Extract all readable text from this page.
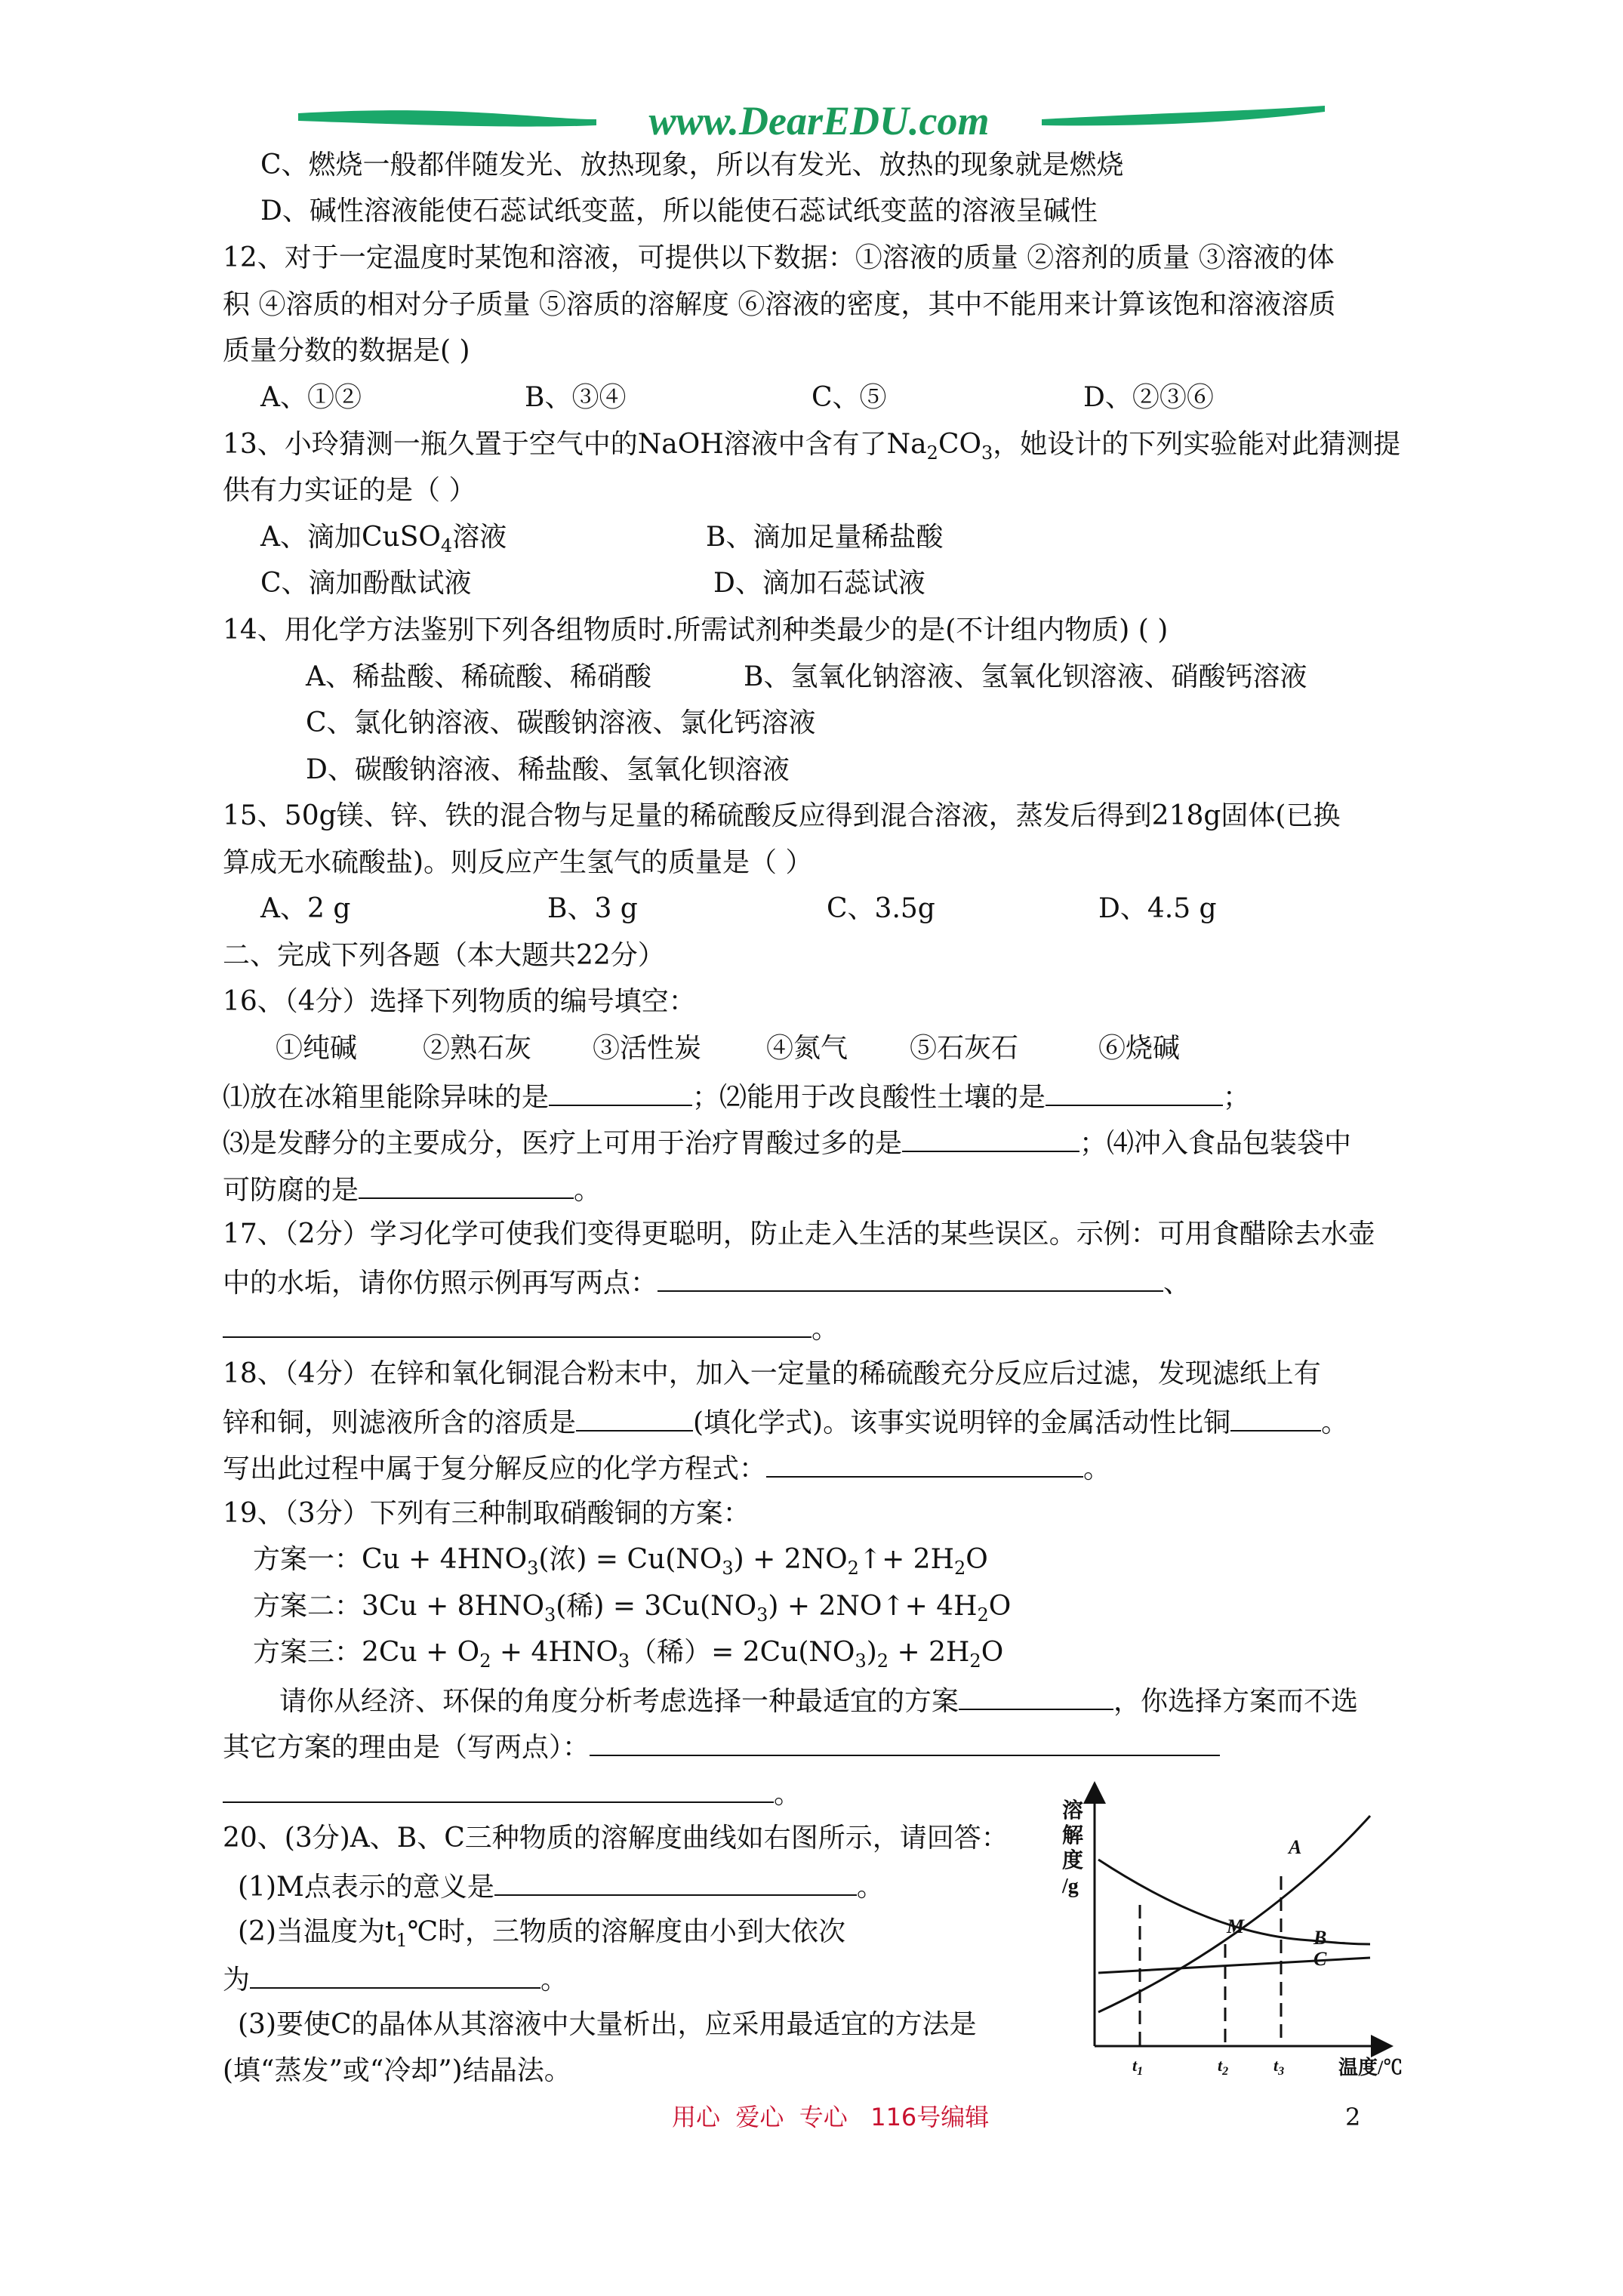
www.DearEDU.com
C、燃烧一般都伴随发光、放热现象，所以有发光、放热的现象就是燃烧
D、碱性溶液能使石蕊试纸变蓝，所以能使石蕊试纸变蓝的溶液呈碱性
12、对于一定温度时某饱和溶液，可提供以下数据：①溶液的质量 ②溶剂的质量 ③溶液的体
积 ④溶质的相对分子质量 ⑤溶质的溶解度 ⑥溶液的密度，其中不能用来计算该饱和溶液溶质
质量分数的数据是( )
A、①②	B、③④	C、⑤	D、②③⑥
13、小玲猜测一瓶久置于空气中的NaOH溶液中含有了$Na_2CO_3$，她设计的下列实验能对此猜测提
供有力实证的是（ ）
A、滴加CuSO$_4$溶液	B、滴加足量稀盐酸
C、滴加酚酞试液	D、滴加石蕊试液
14、用化学方法鉴别下列各组物质时.所需试剂种类最少的是(不计组内物质) ( )
A、稀盐酸、稀硫酸、稀硝酸	B、氢氧化钠溶液、氢氧化钡溶液、硝酸钙溶液
C、氯化钠溶液、碳酸钠溶液、氯化钙溶液
D、碳酸钠溶液、稀盐酸、氢氧化钡溶液
15、50g镁、锌、铁的混合物与足量的稀硫酸反应得到混合溶液，蒸发后得到218g固体(已换
算成无水硫酸盐)。则反应产生氢气的质量是（ ）
A、2 g	B、3 g	C、3.5g	D、4.5 g
二、完成下列各题（本大题共22分）
16、（4分）选择下列物质的编号填空：
①纯碱 ②熟石灰 ③活性炭 ④氮气 ⑤石灰石	⑥烧碱
⑴放在冰箱里能除异味的是	；⑵能用于改良酸性土壤的是	；
⑶是发酵分的主要成分，医疗上可用于治疗胃酸过多的是	；⑷冲入食品包装袋中
可防腐的是	。
17、（2分）学习化学可使我们变得更聪明，防止走入生活的某些误区。示例：可用食醋除去水壶
中的水垢，请你仿照示例再写两点：	、
。
18、（4分）在锌和氧化铜混合粉末中，加入一定量的稀硫酸充分反应后过滤，发现滤纸上有
锌和铜，则滤液所含的溶质是	(填化学式)。该事实说明锌的金属活动性比铜	。
写出此过程中属于复分解反应的化学方程式：	。
19、（3分）下列有三种制取硝酸铜的方案：
方案一：$Cu + 4HNO_3$(浓) = $Cu(NO_3)$ + $2NO_2↑+ 2H_2O$
方案二：$3Cu + 8HNO_3$(稀) = $3Cu(NO_3)$ + 2NO↑+ $4H_2O$
方案三：$2Cu + O_2 + 4HNO_3$（稀）= $2Cu(NO_3)_2 + 2H_2O$
请你从经济、环保的角度分析考虑选择一种最适宜的方案	，你选择方案而不选
其它方案的理由是（写两点）：
。
20、(3分)A、B、C三种物质的溶解度曲线如右图所示，请回答：
(1)M点表示的意义是	。
(2)当温度为$t_1℃$时，三物质的溶解度由小到大依次
为	。
(3)要使C的晶体从其溶液中大量析出，应采用最适宜的方法是
(填“蒸发”或“冷却”)结晶法。
溶
解
度
/g
温度/℃
A
B
C
M
$t_1$	$t_2$	$t_3$
用心  爱心  专心   116号编辑	2
